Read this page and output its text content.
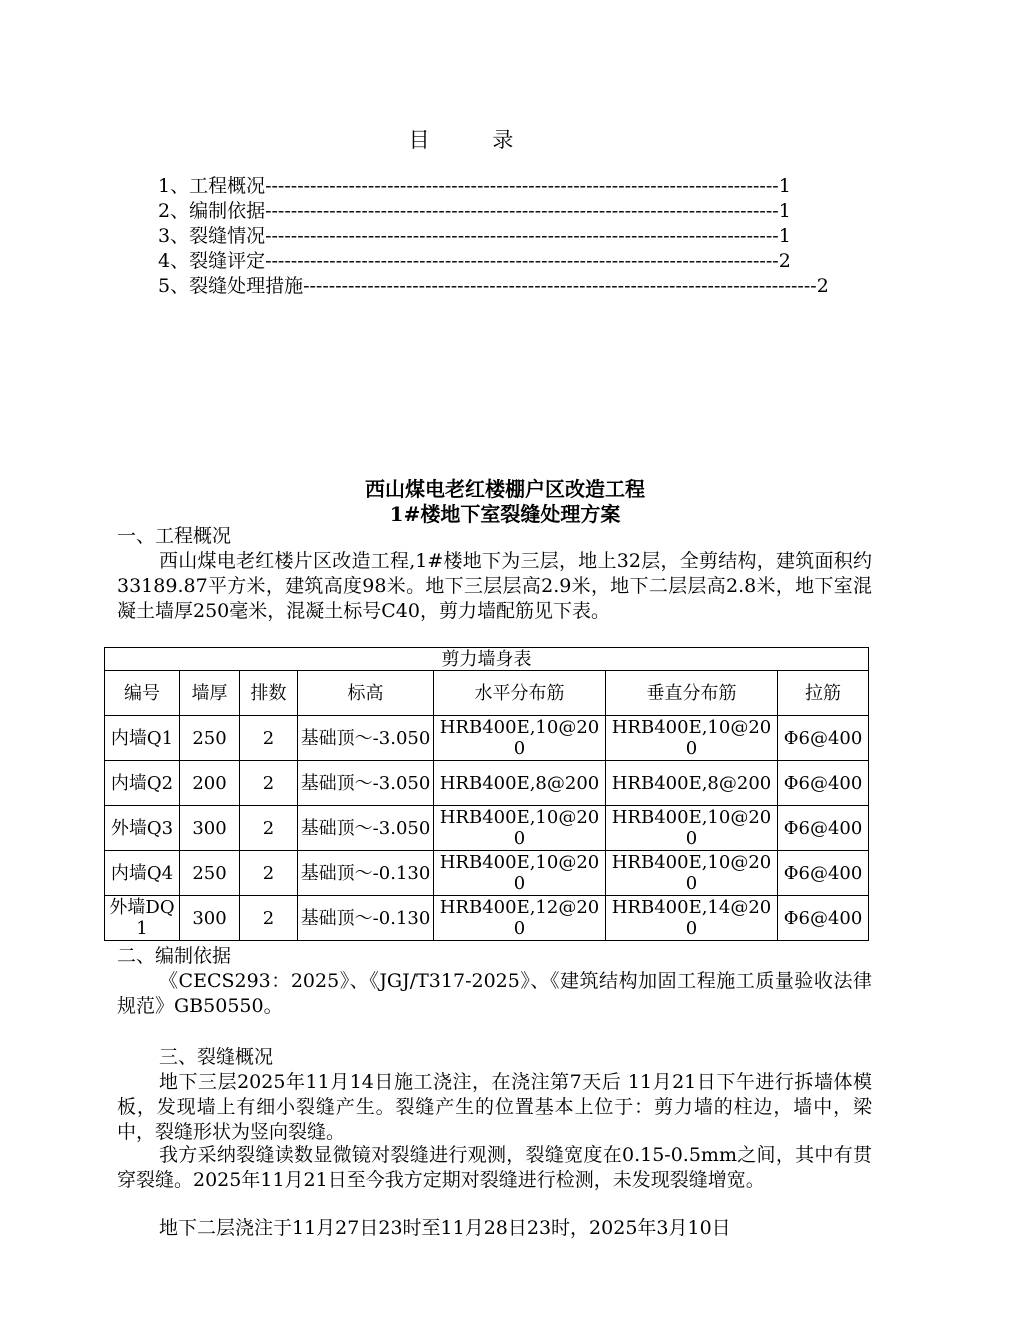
目 录
1、工程概况 -------------------------------------------------------------------------------- 1
2、编制依据 -------------------------------------------------------------------------------- 1
3、裂缝情况 -------------------------------------------------------------------------------- 1
4、裂缝评定 -------------------------------------------------------------------------------- 2
5、裂缝处理措施 -------------------------------------------------------------------------------- 2
西山煤电老红楼棚户区改造工程
1#楼地下室裂缝处理方案
一、工程概况
西山煤电老红楼片区改造工程,1#楼地下为三层，地上32层，全剪结构，建筑面积约33189.87平方米，建筑高度98米。地下三层层高2.9米，地下二层层高2.8米，地下室混凝土墙厚250毫米，混凝土标号C40，剪力墙配筋见下表。
剪力墙身表						
编号	墙厚	排数	标高	水平分布筋	垂直分布筋	拉筋
内墙Q1	250	2	基础顶～-3.050	HRB400E,10@200	HRB400E,10@200	Φ6@400
内墙Q2	200	2	基础顶～-3.050	HRB400E,8@200	HRB400E,8@200	Φ6@400
外墙Q3	300	2	基础顶～-3.050	HRB400E,10@200	HRB400E,10@200	Φ6@400
内墙Q4	250	2	基础顶～-0.130	HRB400E,10@200	HRB400E,10@200	Φ6@400
外墙DQ1	300	2	基础顶～-0.130	HRB400E,12@200	HRB400E,14@200	Φ6@400
二、编制依据
《CECS293：2025》、《JGJ/T317-2025》、《建筑结构加固工程施工质量验收法律规范》GB50550。
三、裂缝概况
地下三层2025年11月14日施工浇注，在浇注第7天后 11月21日下午进行拆墙体模板，发现墙上有细小裂缝产生。裂缝产生的位置基本上位于：剪力墙的柱边，墙中，梁中，裂缝形状为竖向裂缝。
我方采纳裂缝读数显微镜对裂缝进行观测，裂缝宽度在0.15-0.5mm之间，其中有贯穿裂缝。2025年11月21日至今我方定期对裂缝进行检测，未发现裂缝增宽。
地下二层浇注于11月27日23时至11月28日23时，2025年3月10日
